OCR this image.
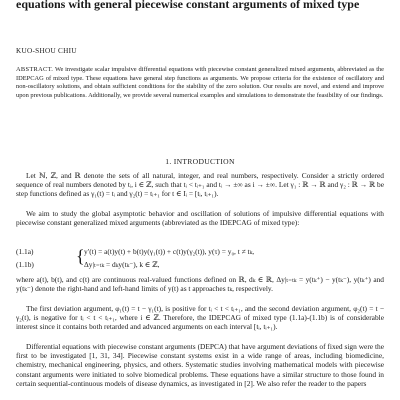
equations with general piecewise constant arguments of mixed type
KUO-SHOU CHIU
ABSTRACT. We investigate scalar impulsive differential equations with piecewise constant generalized mixed arguments, abbreviated as the IDEPCAG of mixed type. These equations have general step functions as arguments. We propose criteria for the existence of oscillatory and non-oscillatory solutions, and obtain sufficient conditions for the stability of the zero solution. Our results are novel, and extend and improve upon previous publications. Additionally, we provide several numerical examples and simulations to demonstrate the feasibility of our findings.
1. INTRODUCTION

Let ℕ, ℤ, and ℝ denote the sets of all natural, integer, and real numbers, respectively. Consider a strictly ordered sequence of real numbers denoted by tᵢ, i ∈ ℤ, such that tᵢ < tᵢ₊₁ and tᵢ → ±∞ as i → ±∞. Let γ₁ : ℝ → ℝ and γ₂ : ℝ → ℝ be step functions defined as γ₁(t) = tᵢ and γ₂(t) = tᵢ₊₁ for t ∈ Iᵢ = [tᵢ, tᵢ₊₁).

We aim to study the global asymptotic behavior and oscillation of solutions of impulsive differential equations with piecewise constant generalized mixed arguments (abbreviated as the IDEPCAG of mixed type):

(1.1a)	{ y′(t) = a(t)y(t) + b(t)y(γ₁(t)) + c(t)y(γ₂(t)), y(τ) = y₀, t ≠ tₖ,
(1.1b)	Δy|ₜ₌ₜₖ = dₖy(tₖ⁻), k ∈ ℤ,

where a(t), b(t), and c(t) are continuous real-valued functions defined on ℝ, dₖ ∈ ℝ, Δy|ₜ₌ₜₖ = y(tₖ⁺) − y(tₖ⁻), y(tₖ⁺) and y(tₖ⁻) denote the right-hand and left-hand limits of y(t) as t approaches tₖ, respectively.

The first deviation argument, φ₁(t) = t − γ₁(t), is positive for tᵢ < t < tᵢ₊₁, and the second deviation argument, φ₂(t) = t − γ₂(t), is negative for tᵢ < t < tᵢ₊₁, where i ∈ ℤ. Therefore, the IDEPCAG of mixed type (1.1a)-(1.1b) is of considerable interest since it contains both retarded and advanced arguments on each interval [tᵢ, tᵢ₊₁).

Differential equations with piecewise constant arguments (DEPCA) that have argument deviations of fixed sign were the first to be investigated [1, 31, 34]. Piecewise constant systems exist in a wide range of areas, including biomedicine, chemistry, mechanical engineering, physics, and others. Systematic studies involving mathematical models with piecewise constant arguments were initiated to solve biomedical problems. These equations have a similar structure to those found in certain sequential-continuous models of disease dynamics, as investigated in [2]. We also refer the reader to the papers
